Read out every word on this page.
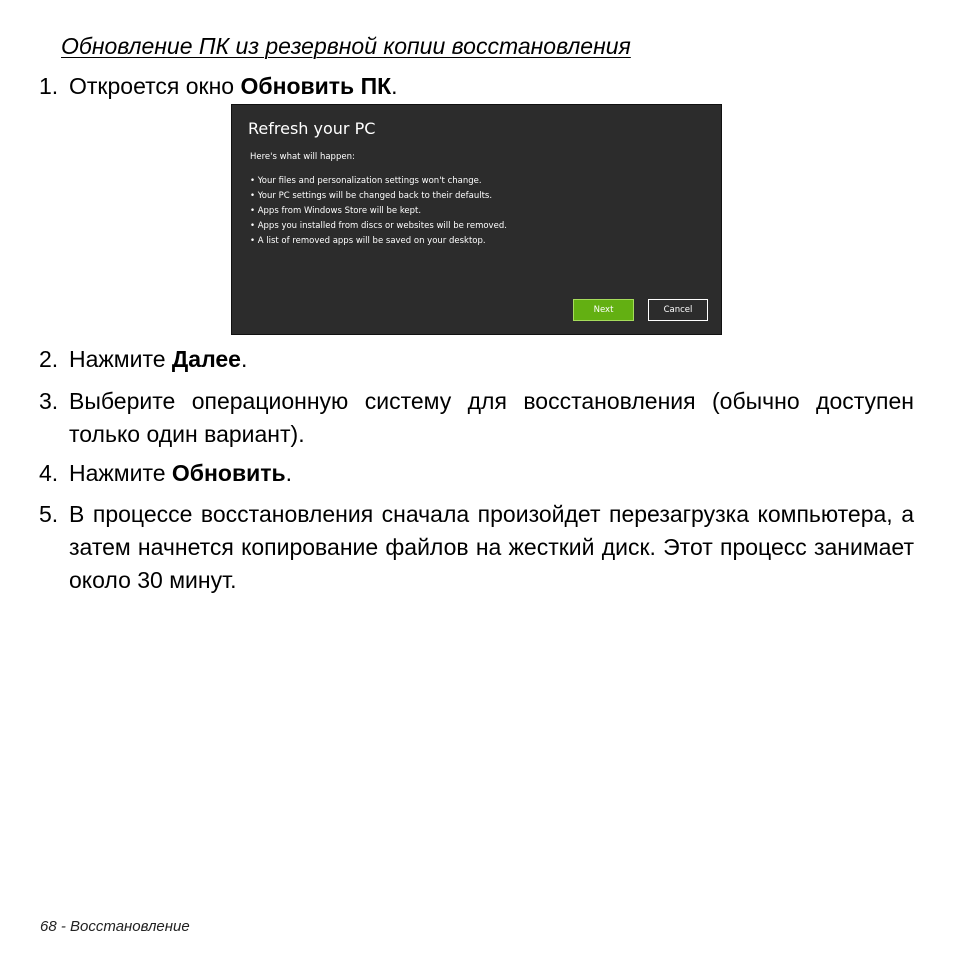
Обновление ПК из резервной копии восстановления
1. Откроется окно Обновить ПК.
Refresh your PC
Here's what will happen:
• Your files and personalization settings won't change.
• Your PC settings will be changed back to their defaults.
• Apps from Windows Store will be kept.
• Apps you installed from discs or websites will be removed.
• A list of removed apps will be saved on your desktop.
Next	Cancel
2. Нажмите Далее.
3. Выберите операционную систему для восстановления (обычно доступен только один вариант).
4. Нажмите Обновить.
5. В процессе восстановления сначала произойдет перезагрузка компьютера, а затем начнется копирование файлов на жесткий диск. Этот процесс занимает около 30 минут.
68 - Восстановление
